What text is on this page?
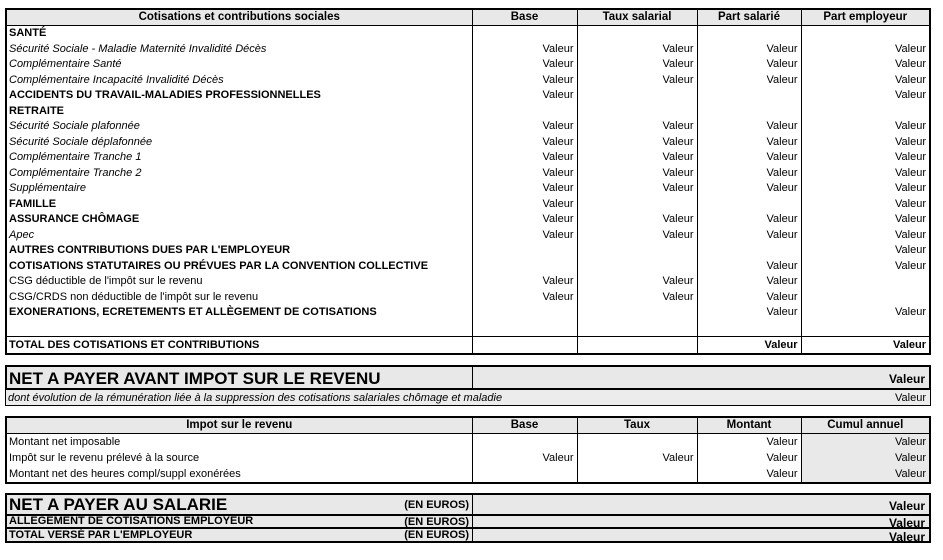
Cotisations et contributions sociales	Base	Taux salarial	Part salarié	Part employeur
SANTÉ				
Sécurité Sociale - Maladie Maternité Invalidité Décès	Valeur	Valeur	Valeur	Valeur
Complémentaire Santé	Valeur	Valeur	Valeur	Valeur
Complémentaire Incapacité Invalidité Décès	Valeur	Valeur	Valeur	Valeur
ACCIDENTS DU TRAVAIL-MALADIES PROFESSIONNELLES	Valeur			Valeur
RETRAITE				
Sécurité Sociale plafonnée	Valeur	Valeur	Valeur	Valeur
Sécurité Sociale déplafonnée	Valeur	Valeur	Valeur	Valeur
Complémentaire Tranche 1	Valeur	Valeur	Valeur	Valeur
Complémentaire Tranche 2	Valeur	Valeur	Valeur	Valeur
Supplémentaire	Valeur	Valeur	Valeur	Valeur
FAMILLE	Valeur			Valeur
ASSURANCE CHÔMAGE	Valeur	Valeur	Valeur	Valeur
Apec	Valeur	Valeur	Valeur	Valeur
AUTRES CONTRIBUTIONS DUES PAR L'EMPLOYEUR				Valeur
COTISATIONS STATUTAIRES OU PRÉVUES PAR LA CONVENTION COLLECTIVE			Valeur	Valeur
CSG déductible de l'impôt sur le revenu	Valeur	Valeur	Valeur	
CSG/CRDS non déductible de l'impôt sur le revenu	Valeur	Valeur	Valeur	
EXONERATIONS, ECRETEMENTS ET ALLÈGEMENT DE COTISATIONS			Valeur	Valeur

TOTAL DES COTISATIONS ET CONTRIBUTIONS			Valeur	Valeur
NET A PAYER AVANT IMPOT SUR LE REVENU	Valeur
dont évolution de la rémunération liée à la suppression des cotisations salariales chômage et maladie	Valeur
Impot sur le revenu	Base	Taux	Montant	Cumul annuel
Montant net imposable			Valeur	Valeur
Impôt sur le revenu prélevé à la source	Valeur	Valeur	Valeur	Valeur
Montant net des heures compl/suppl exonérées			Valeur	Valeur
NET A PAYER AU SALARIE	(EN EUROS)	Valeur
ALLÈGEMENT DE COTISATIONS EMPLOYEUR	(EN EUROS)	Valeur
TOTAL VERSÉ PAR L'EMPLOYEUR	(EN EUROS)	Valeur
